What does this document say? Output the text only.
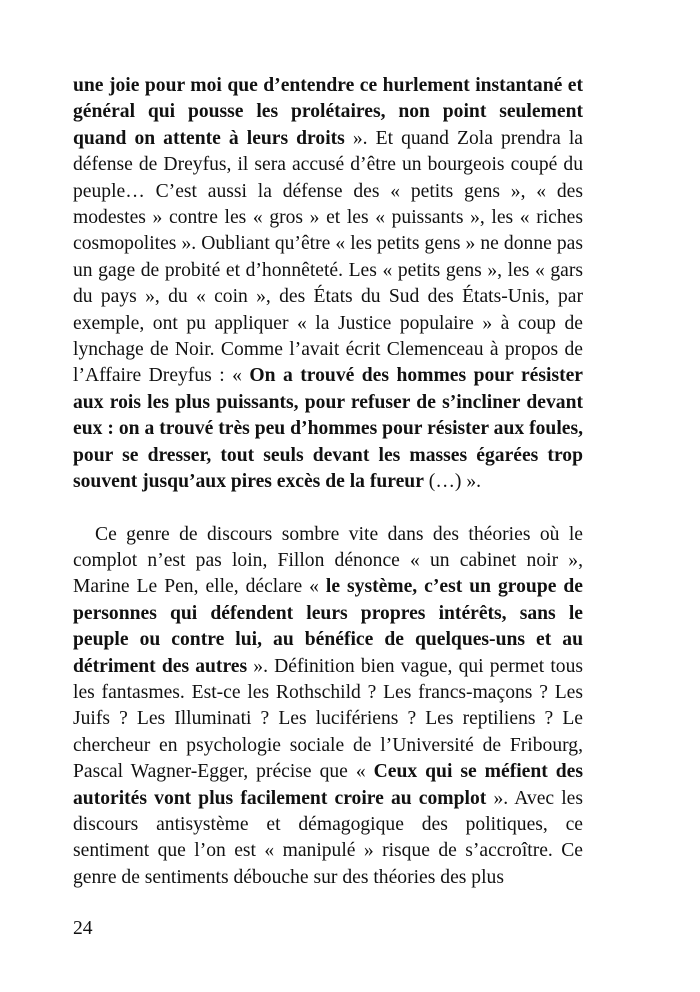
une joie pour moi que d’entendre ce hurlement instantané et général qui pousse les prolétaires, non point seulement quand on attente à leurs droits ». Et quand Zola prendra la défense de Dreyfus, il sera accusé d’être un bourgeois coupé du peuple… C’est aussi la défense des « petits gens », « des modestes » contre les « gros » et les « puissants », les « riches cosmopolites ». Oubliant qu’être « les petits gens » ne donne pas un gage de probité et d’honnêteté. Les « petits gens », les « gars du pays », du « coin », des États du Sud des États-Unis, par exemple, ont pu appliquer « la Justice populaire » à coup de lynchage de Noir. Comme l’avait écrit Clemenceau à propos de l’Affaire Dreyfus : « On a trouvé des hommes pour résister aux rois les plus puissants, pour refuser de s’incliner devant eux : on a trouvé très peu d’hommes pour résister aux foules, pour se dresser, tout seuls devant les masses égarées trop souvent jusqu’aux pires excès de la fureur (…) ».

Ce genre de discours sombre vite dans des théories où le complot n’est pas loin, Fillon dénonce « un cabinet noir », Marine Le Pen, elle, déclare « le système, c’est un groupe de personnes qui défendent leurs propres intérêts, sans le peuple ou contre lui, au bénéfice de quelques-uns et au détriment des autres ». Définition bien vague, qui permet tous les fantasmes. Est-ce les Rothschild ? Les francs-maçons ? Les Juifs ? Les Illuminati ? Les lucifériens ? Les reptiliens ? Le chercheur en psychologie sociale de l’Université de Fribourg, Pascal Wagner-Egger, précise que « Ceux qui se méfient des autorités vont plus facilement croire au complot ». Avec les discours antisystème et démagogique des politiques, ce sentiment que l’on est « manipulé » risque de s’accroître. Ce genre de sentiments débouche sur des théories des plus

24
